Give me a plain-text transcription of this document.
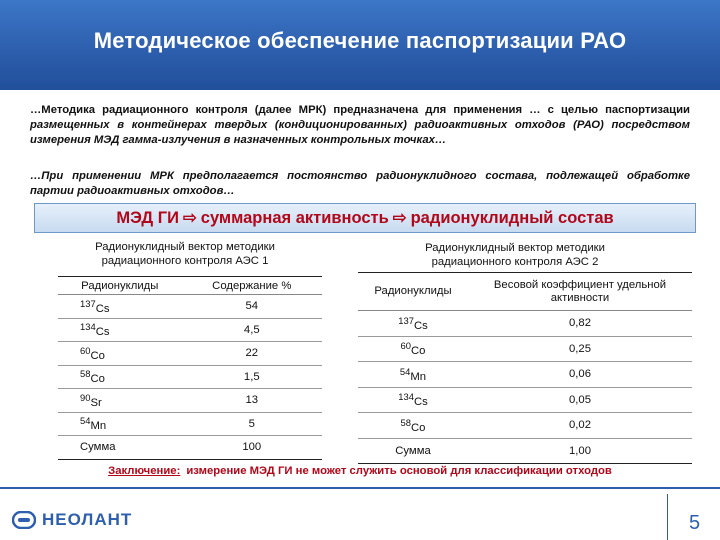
Методическое обеспечение паспортизации РАО
…Методика радиационного контроля (далее МРК) предназначена для применения … с целью паспортизации размещенных в контейнерах твердых (кондиционированных) радиоактивных отходов (РАО) посредством измерения МЭД гамма-излучения в назначенных контрольных точках…
…При применении МРК предполагается постоянство радионуклидного состава, подлежащей обработке партии радиоактивных отходов…
МЭД ГИ ⇨ суммарная активность ⇨ радионуклидный состав
Радионуклидный вектор методики радиационного контроля АЭС 1
Радионуклидный вектор методики радиационного контроля АЭС 2
Радионуклиды	Содержание %
$^{137}$Cs	54
$^{134}$Cs	4,5
$^{60}$Co	22
$^{58}$Co	1,5
$^{90}$Sr	13
$^{54}$Mn	5
Сумма	100
Радионуклиды	Весовой коэффициент удельной активности
$^{137}$Cs	0,82
$^{60}$Co	0,25
$^{54}$Mn	0,06
$^{134}$Cs	0,05
$^{58}$Co	0,02
Сумма	1,00
Заключение: измерение МЭД ГИ не может служить основой для классификации отходов
НЕОЛАНТ	5
